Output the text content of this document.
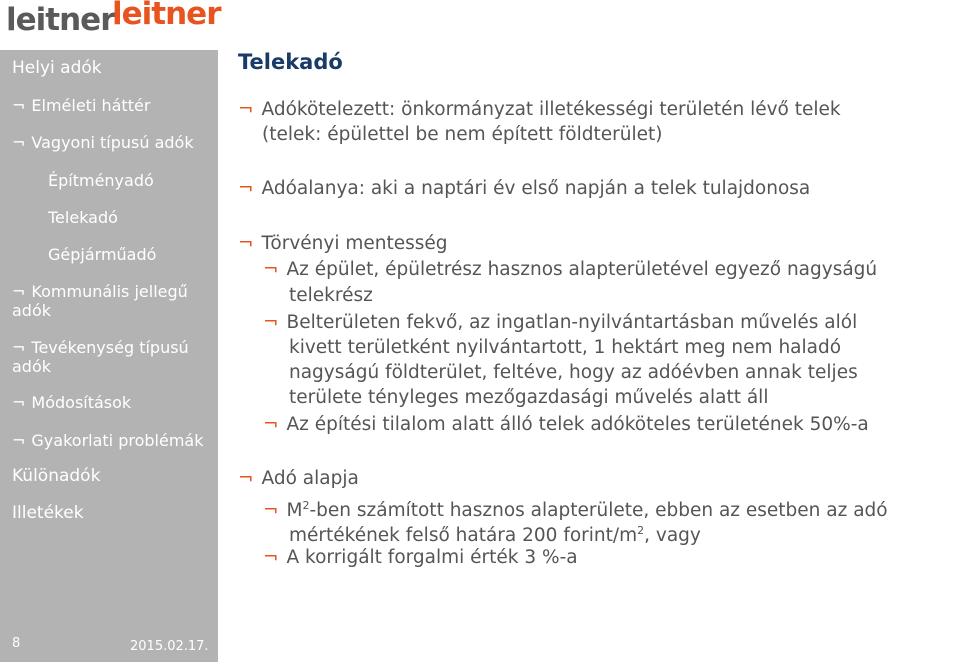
leitner
leitner
Helyi adók
¬ Elméleti háttér
¬ Vagyoni típusú adók
Építményadó
Telekadó
Gépjárműadó
¬ Kommunális jellegű
adók
¬ Tevékenység típusú
adók
¬ Módosítások
¬ Gyakorlati problémák
Különadók
Illetékek
8	2015.02.17.
Telekadó
¬ Adókötelezett: önkormányzat illetékességi területén lévő telek
(telek: épülettel be nem épített földterület)
¬ Adóalanya: aki a naptári év első napján a telek tulajdonosa
¬ Törvényi mentesség
¬ Az épület, épületrész hasznos alapterületével egyező nagyságú
telekrész
¬ Belterületen fekvő, az ingatlan-nyilvántartásban művelés alól
kivett területként nyilvántartott, 1 hektárt meg nem haladó
nagyságú földterület, feltéve, hogy az adóévben annak teljes
területe tényleges mezőgazdasági művelés alatt áll
¬ Az építési tilalom alatt álló telek adóköteles területének 50%-a
¬ Adó alapja
¬ $M^2$-ben számított hasznos alapterülete, ebben az esetben az adó
mértékének felső határa 200 forint/$m^2$, vagy
¬ A korrigált forgalmi érték 3 %-a
